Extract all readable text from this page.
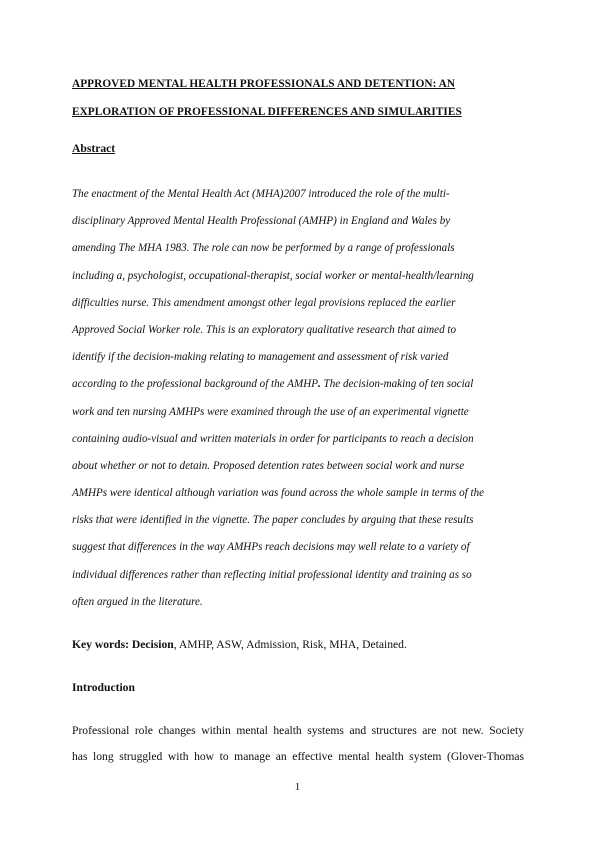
APPROVED MENTAL HEALTH PROFESSIONALS AND DETENTION: AN
EXPLORATION OF PROFESSIONAL DIFFERENCES AND SIMULARITIES
Abstract
The enactment of the Mental Health Act (MHA)2007 introduced the role of the multi-
disciplinary Approved Mental Health Professional (AMHP) in England and Wales by
amending The MHA 1983. The role can now be performed by a range of professionals
including a, psychologist, occupational-therapist, social worker or mental-health/learning
difficulties nurse. This amendment amongst other legal provisions replaced the earlier
Approved Social Worker role. This is an exploratory qualitative research that aimed to
identify if the decision-making relating to management and assessment of risk varied
according to the professional background of the AMHP. The decision-making of ten social
work and ten nursing AMHPs were examined through the use of an experimental vignette
containing audio-visual and written materials in order for participants to reach a decision
about whether or not to detain. Proposed detention rates between social work and nurse
AMHPs were identical although variation was found across the whole sample in terms of the
risks that were identified in the vignette. The paper concludes by arguing that these results
suggest that differences in the way AMHPs reach decisions may well relate to a variety of
individual differences rather than reflecting initial professional identity and training as so
often argued in the literature.

Key words: Decision, AMHP, ASW, Admission, Risk, MHA, Detained.

Introduction
Professional role changes within mental health systems and structures are not new. Society
has long struggled with how to manage an effective mental health system (Glover-Thomas
1
